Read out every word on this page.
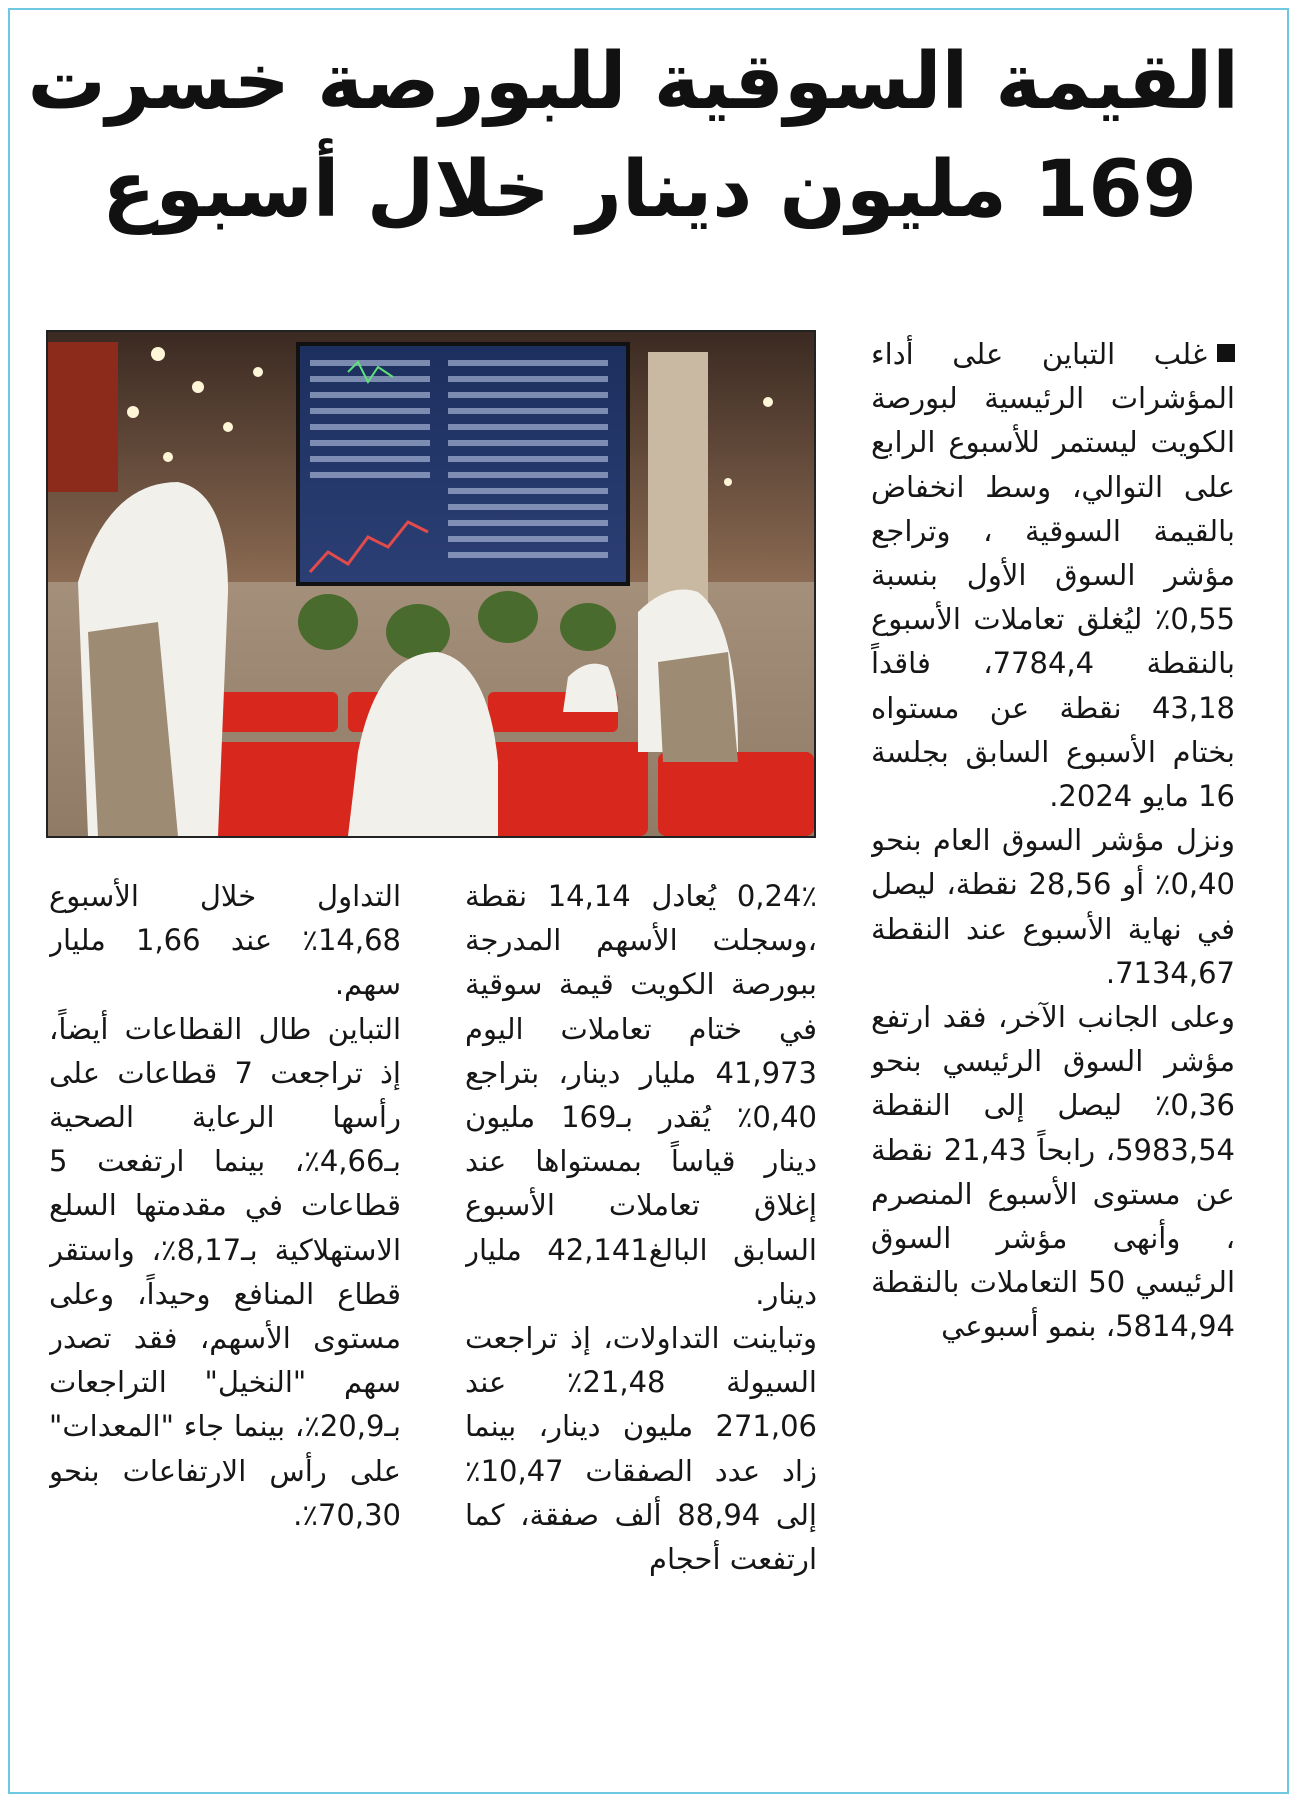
القيمة السوقية للبورصة خسرت
169 مليون دينار خلال أسبوع

غلب التباين على أداء المؤشرات الرئيسية لبورصة الكويت ليستمر للأسبوع الرابع على التوالي، وسط انخفاض بالقيمة السوقية ، وتراجع مؤشر السوق الأول بنسبة 0,55٪ ليُغلق تعاملات الأسبوع بالنقطة 7784,4، فاقداً 43,18 نقطة عن مستواه بختام الأسبوع السابق بجلسة 16 مايو 2024.

ونزل مؤشر السوق العام بنحو 0,40٪ أو 28,56 نقطة، ليصل في نهاية الأسبوع عند النقطة 7134,67.

وعلى الجانب الآخر، فقد ارتفع مؤشر السوق الرئيسي بنحو 0,36٪ ليصل إلى النقطة 5983,54، رابحاً 21,43 نقطة عن مستوى الأسبوع المنصرم ، وأنهى مؤشر السوق الرئيسي 50 التعاملات بالنقطة 5814,94، بنمو أسبوعي

0,24٪ يُعادل 14,14 نقطة ،وسجلت الأسهم المدرجة ببورصة الكويت قيمة سوقية في ختام تعاملات اليوم 41,973 مليار دينار، بتراجع 0,40٪ يُقدر بـ169 مليون دينار قياساً بمستواها عند إغلاق تعاملات الأسبوع السابق البالغ42,141 مليار دينار.

وتباينت التداولات، إذ تراجعت السيولة 21,48٪ عند 271,06 مليون دينار، بينما زاد عدد الصفقات 10,47٪ إلى 88,94 ألف صفقة، كما ارتفعت أحجام

التداول خلال الأسبوع 14,68٪ عند 1,66 مليار سهم.

التباين طال القطاعات أيضاً، إذ تراجعت 7 قطاعات على رأسها الرعاية الصحية بـ4,66٪، بينما ارتفعت 5 قطاعات في مقدمتها السلع الاستهلاكية بـ8,17٪، واستقر قطاع المنافع وحيداً، وعلى مستوى الأسهم، فقد تصدر سهم "النخيل" التراجعات بـ20,9٪، بينما جاء "المعدات" على رأس الارتفاعات بنحو 70,30٪.
